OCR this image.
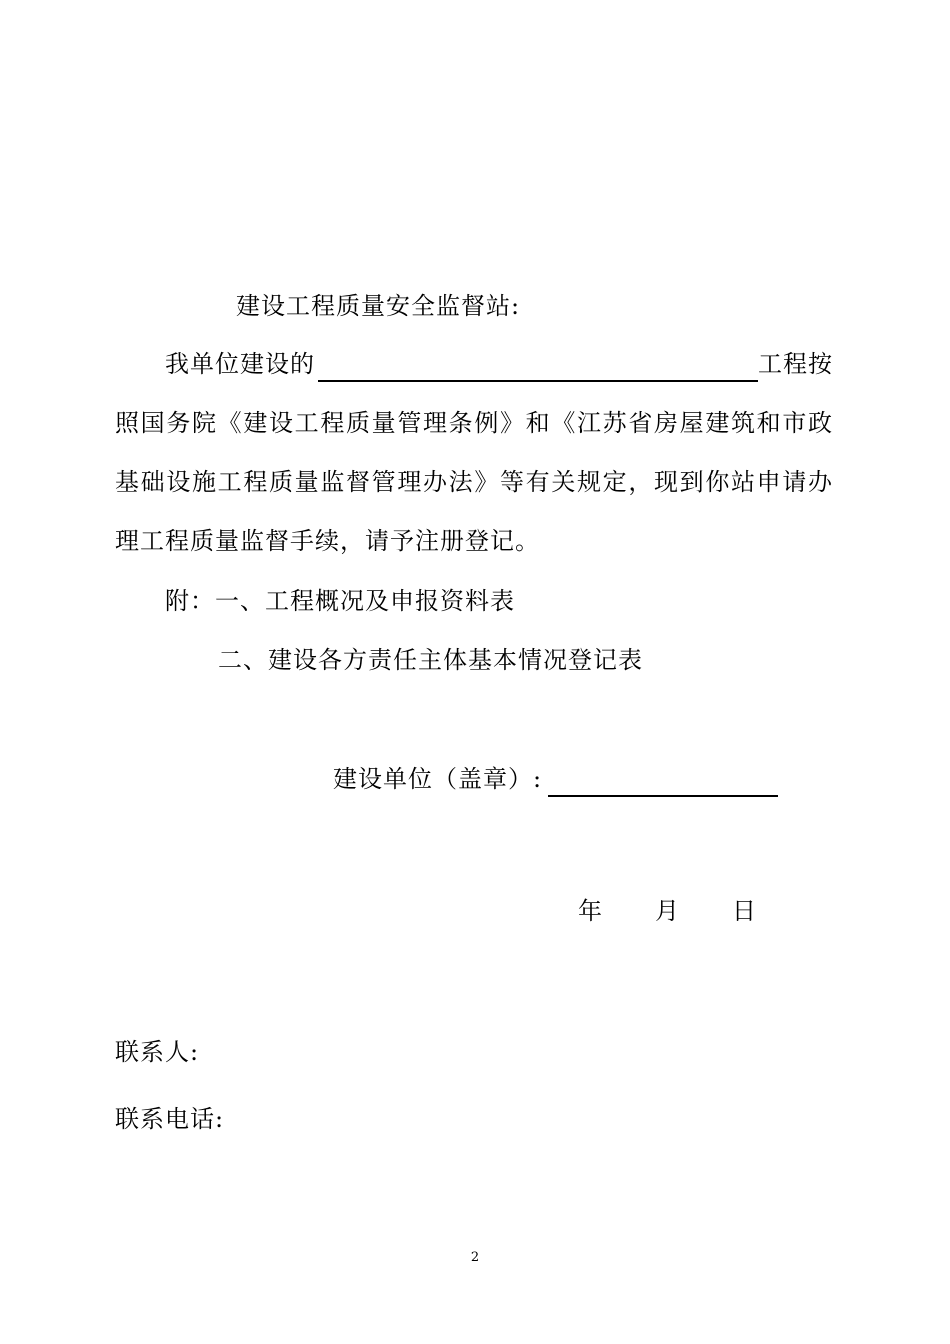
建设工程质量安全监督站:
我单位建设的	工程按
照国务院《建设工程质量管理条例》和《江苏省房屋建筑和市政
基础设施工程质量监督管理办法》等有关规定，现到你站申请办
理工程质量监督手续，请予注册登记。
附：一、工程概况及申报资料表
二、建设各方责任主体基本情况登记表
建设单位（盖章）:
年 月 日
联系人:
联系电话:
2
